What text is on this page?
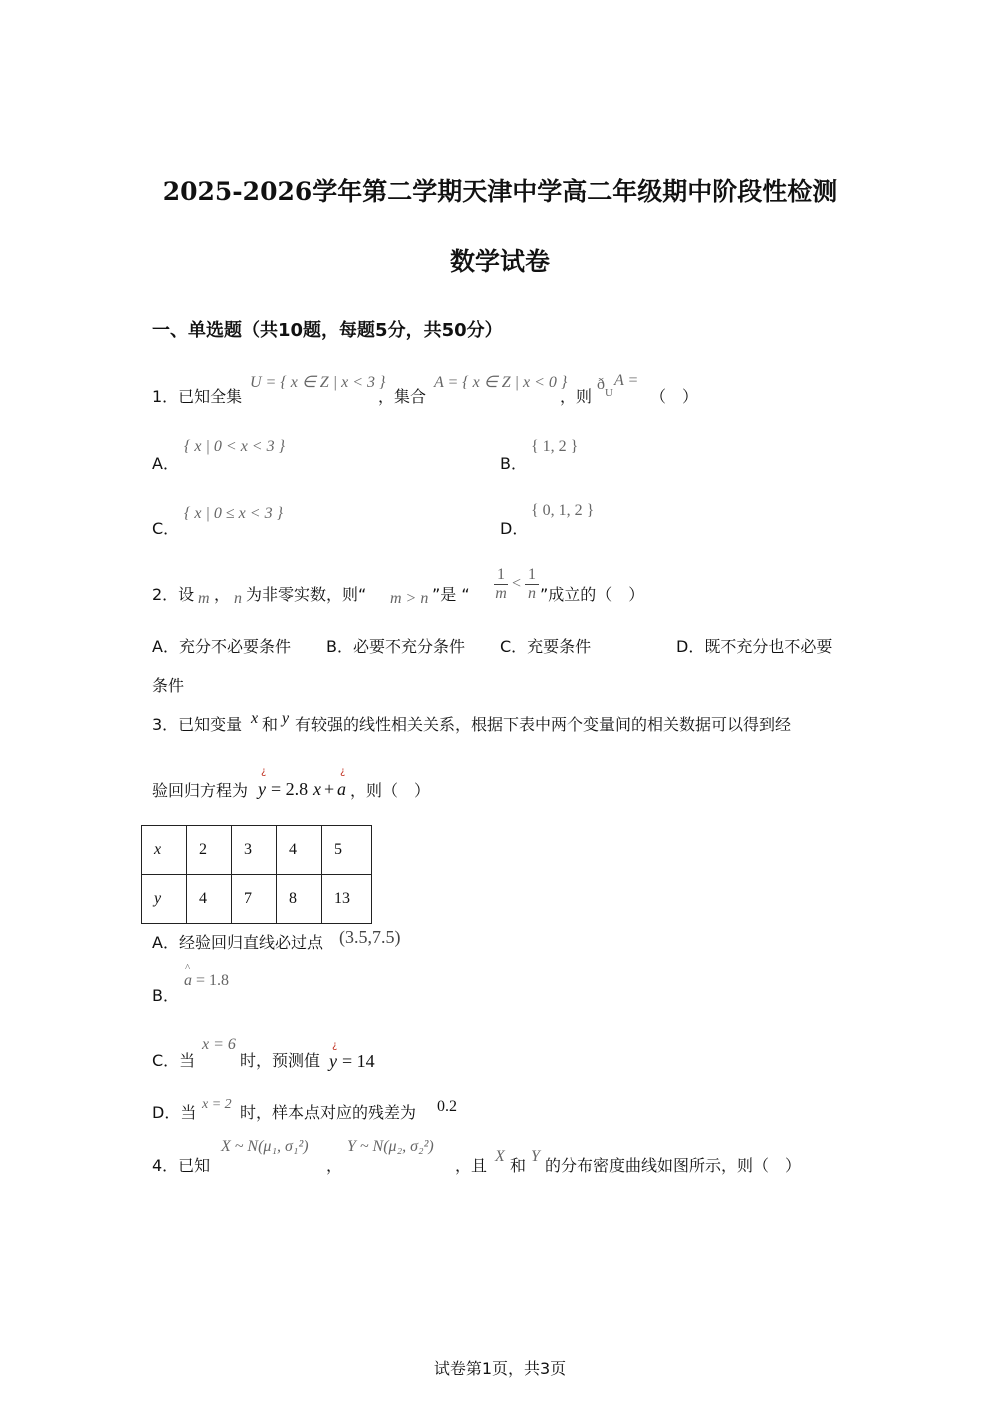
2025-2026学年第二学期天津中学高二年级期中阶段性检测
数学试卷
一、单选题（共10题，每题5分，共50分）
1．已知全集
U = { x ∈ Z | x < 3 }
，集合
A = { x ∈ Z | x < 0 }
，则
ð U
A =
（　）
A．
{ x | 0 < x < 3 }
B．
{ 1, 2 }
C．
{ x | 0 ≤ x < 3 }
D．
{ 0, 1, 2 }
2．设 m ， n 为非零实数，则“ m > n ”是 “ $\frac{1}{m} < \frac{1}{n}$ ”成立的（　）
A．充分不必要条件 B．必要不充分条件 C．充要条件	D．既不充分也不必要
条件
3．已知变量 x 和 y 有较强的线性相关关系，根据下表中两个变量间的相关数据可以得到经
验回归方程为
¿
y = 2.8 x +
¿
a ，则（　）
x	2	3	4	5
y	4	7	8	13
A．经验回归直线必过点 (3.5,7.5)
B．
^
a = 1.8
C．当
x = 6
时，预测值
¿
y = 14
D．当 x = 2 时，样本点对应的残差为 0.2
4．已知
X ~ N(μ₁, σ₁²)
，
Y ~ N(μ₂, σ₂²)
，且 X 和 Y 的分布密度曲线如图所示，则（　）
试卷第1页，共3页
